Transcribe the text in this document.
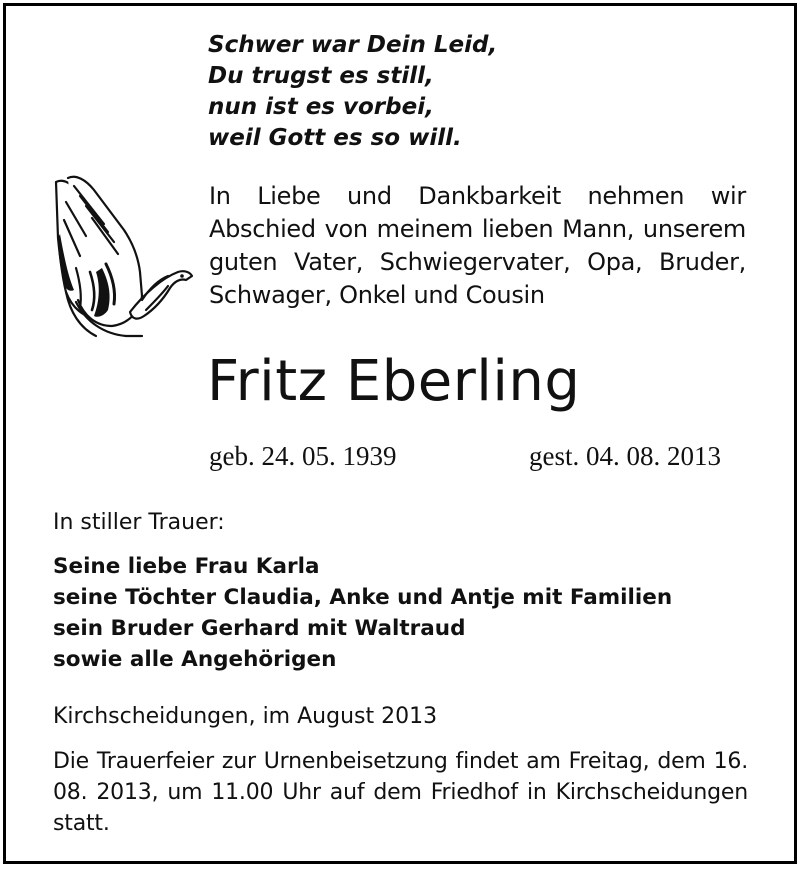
Schwer war Dein Leid,
Du trugst es still,
nun ist es vorbei,
weil Gott es so will.
In Liebe und Dankbarkeit nehmen wir Abschied von meinem lieben Mann, unserem guten Vater, Schwiegervater, Opa, Bruder, Schwager, Onkel und Cousin
Fritz Eberling
geb. 24. 05. 1939	gest. 04. 08. 2013
In stiller Trauer:
Seine liebe Frau Karla
seine Töchter Claudia, Anke und Antje mit Familien
sein Bruder Gerhard mit Waltraud
sowie alle Angehörigen
Kirchscheidungen, im August 2013
Die Trauerfeier zur Urnenbeisetzung findet am Freitag, dem 16. 08. 2013, um 11.00 Uhr auf dem Friedhof in Kirchscheidungen statt.
